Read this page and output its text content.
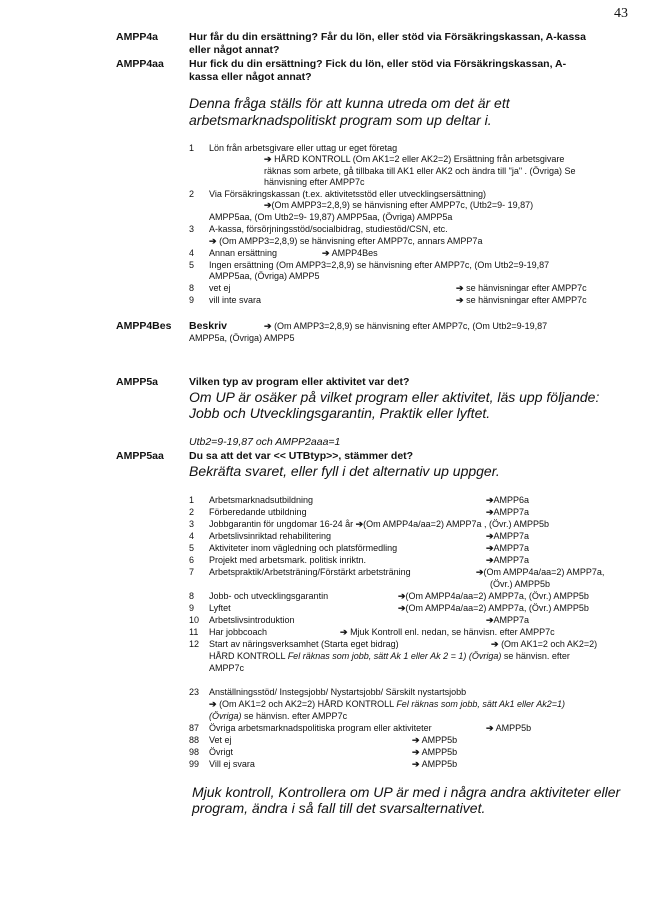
43
AMPP4a	Hur får du din ersättning? Får du lön, eller stöd via Försäkringskassan, A-kassa
eller något annat?
AMPP4aa Hur fick du din ersättning? Fick du lön, eller stöd via Försäkringskassan, A-
kassa eller något annat?
Denna fråga ställs för att kunna utreda om det är ett
arbetsmarknadspolitiskt program som up deltar i.
1 Lön från arbetsgivare eller uttag ur eget företag
➔ HÅRD KONTROLL (Om AK1=2 eller AK2=2) Ersättning från arbetsgivare
räknas som arbete, gå tillbaka till AK1 eller AK2 och ändra till "ja" . (Övriga) Se
hänvisning efter AMPP7c
2 Via Försäkringskassan (t.ex. aktivitetsstöd eller utvecklingsersättning)
➔(Om AMPP3=2,8,9) se hänvisning efter AMPP7c, (Utb2=9- 19,87)
AMPP5aa, (Om Utb2=9- 19,87) AMPP5aa, (Övriga) AMPP5a
3 A-kassa, försörjningsstöd/socialbidrag, studiestöd/CSN, etc.
➔ (Om AMPP3=2,8,9) se hänvisning efter AMPP7c, annars AMPP7a
4 Annan ersättning	➔ AMPP4Bes
5 Ingen ersättning (Om AMPP3=2,8,9) se hänvisning efter AMPP7c, (Om Utb2=9-19,87
AMPP5aa, (Övriga) AMPP5
8 vet ej	➔ se hänvisningar efter AMPP7c
9 vill inte svara	➔ se hänvisningar efter AMPP7c
AMPP4Bes Beskriv	➔ (Om AMPP3=2,8,9) se hänvisning efter AMPP7c, (Om Utb2=9-19,87
AMPP5a, (Övriga) AMPP5
AMPP5a	Vilken typ av program eller aktivitet var det?
Om UP är osäker på vilket program eller aktivitet, läs upp följande:
Jobb och Utvecklingsgarantin, Praktik eller lyftet.
Utb2=9-19,87 och AMPP2aaa=1
AMPP5aa Du sa att det var << UTBtyp>>, stämmer det?
Bekräfta svaret, eller fyll i det alternativ up uppger.
1 Arbetsmarknadsutbildning	➔AMPP6a
2 Förberedande utbildning	➔AMPP7a
3 Jobbgarantin för ungdomar 16-24 år ➔(Om AMPP4a/aa=2) AMPP7a , (Övr.) AMPP5b
4 Arbetslivsinriktad rehabilitering	➔AMPP7a
5 Aktiviteter inom vägledning och platsförmedling	➔AMPP7a
6 Projekt med arbetsmark. politisk inriktn.	➔AMPP7a
7 Arbetspraktik/Arbetsträning/Förstärkt arbetsträning	➔(Om AMPP4a/aa=2) AMPP7a,
(Övr.) AMPP5b
8 Jobb- och utvecklingsgarantin	➔(Om AMPP4a/aa=2) AMPP7a, (Övr.) AMPP5b
9 Lyftet	➔(Om AMPP4a/aa=2) AMPP7a, (Övr.) AMPP5b
10 Arbetslivsintroduktion	➔AMPP7a
11 Har jobbcoach	➔ Mjuk Kontroll enl. nedan, se hänvisn. efter AMPP7c
12 Start av näringsverksamhet (Starta eget bidrag)	➔ (Om AK1=2 och AK2=2)
HÅRD KONTROLL Fel räknas som jobb, sätt Ak 1 eller Ak 2 = 1) (Övriga) se hänvisn. efter
AMPP7c
23 Anställningsstöd/ Instegsjobb/ Nystartsjobb/ Särskilt nystartsjobb
➔ (Om AK1=2 och AK2=2) HÅRD KONTROLL Fel räknas som jobb, sätt Ak1 eller Ak2=1)
(Övriga) se hänvisn. efter AMPP7c
87 Övriga arbetsmarknadspolitiska program eller aktiviteter	➔ AMPP5b
88 Vet ej	➔ AMPP5b
98 Övrigt	➔ AMPP5b
99 Vill ej svara	➔ AMPP5b
Mjuk kontroll, Kontrollera om UP är med i några andra aktiviteter eller
program, ändra i så fall till det svarsalternativet.
